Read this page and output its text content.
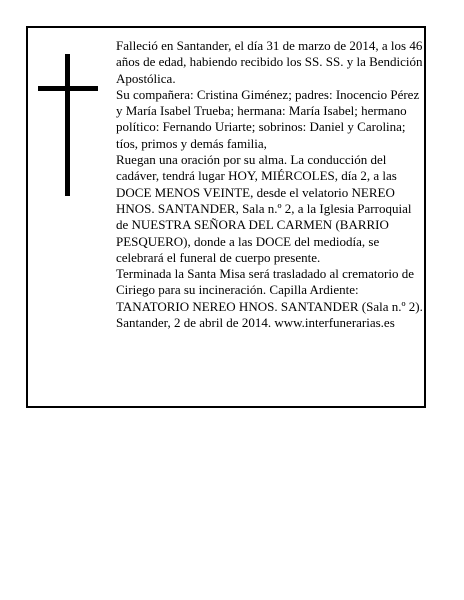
Falleció en Santander, el día 31 de marzo de 2014, a los 46 años de edad, habiendo recibido los SS. SS. y la Bendición Apostólica.

Su compañera: Cristina Giménez; padres: Inocencio Pérez y María Isabel Trueba; hermana: María Isabel; hermano político: Fernando Uriarte; sobrinos: Daniel y Carolina; tíos, primos y demás familia,

Ruegan una oración por su alma. La conducción del cadáver, tendrá lugar HOY, MIÉRCOLES, día 2, a las DOCE MENOS VEINTE, desde el velatorio NEREO HNOS. SANTANDER, Sala n.º 2, a la Iglesia Parroquial de NUESTRA SEÑORA DEL CARMEN (BARRIO PESQUERO), donde a las DOCE del mediodía, se celebrará el funeral de cuerpo presente.

Terminada la Santa Misa será trasladado al crematorio de Ciriego para su incineración. Capilla Ardiente: TANATORIO NEREO HNOS. SANTANDER (Sala n.º 2).

Santander, 2 de abril de 2014. www.interfunerarias.es
